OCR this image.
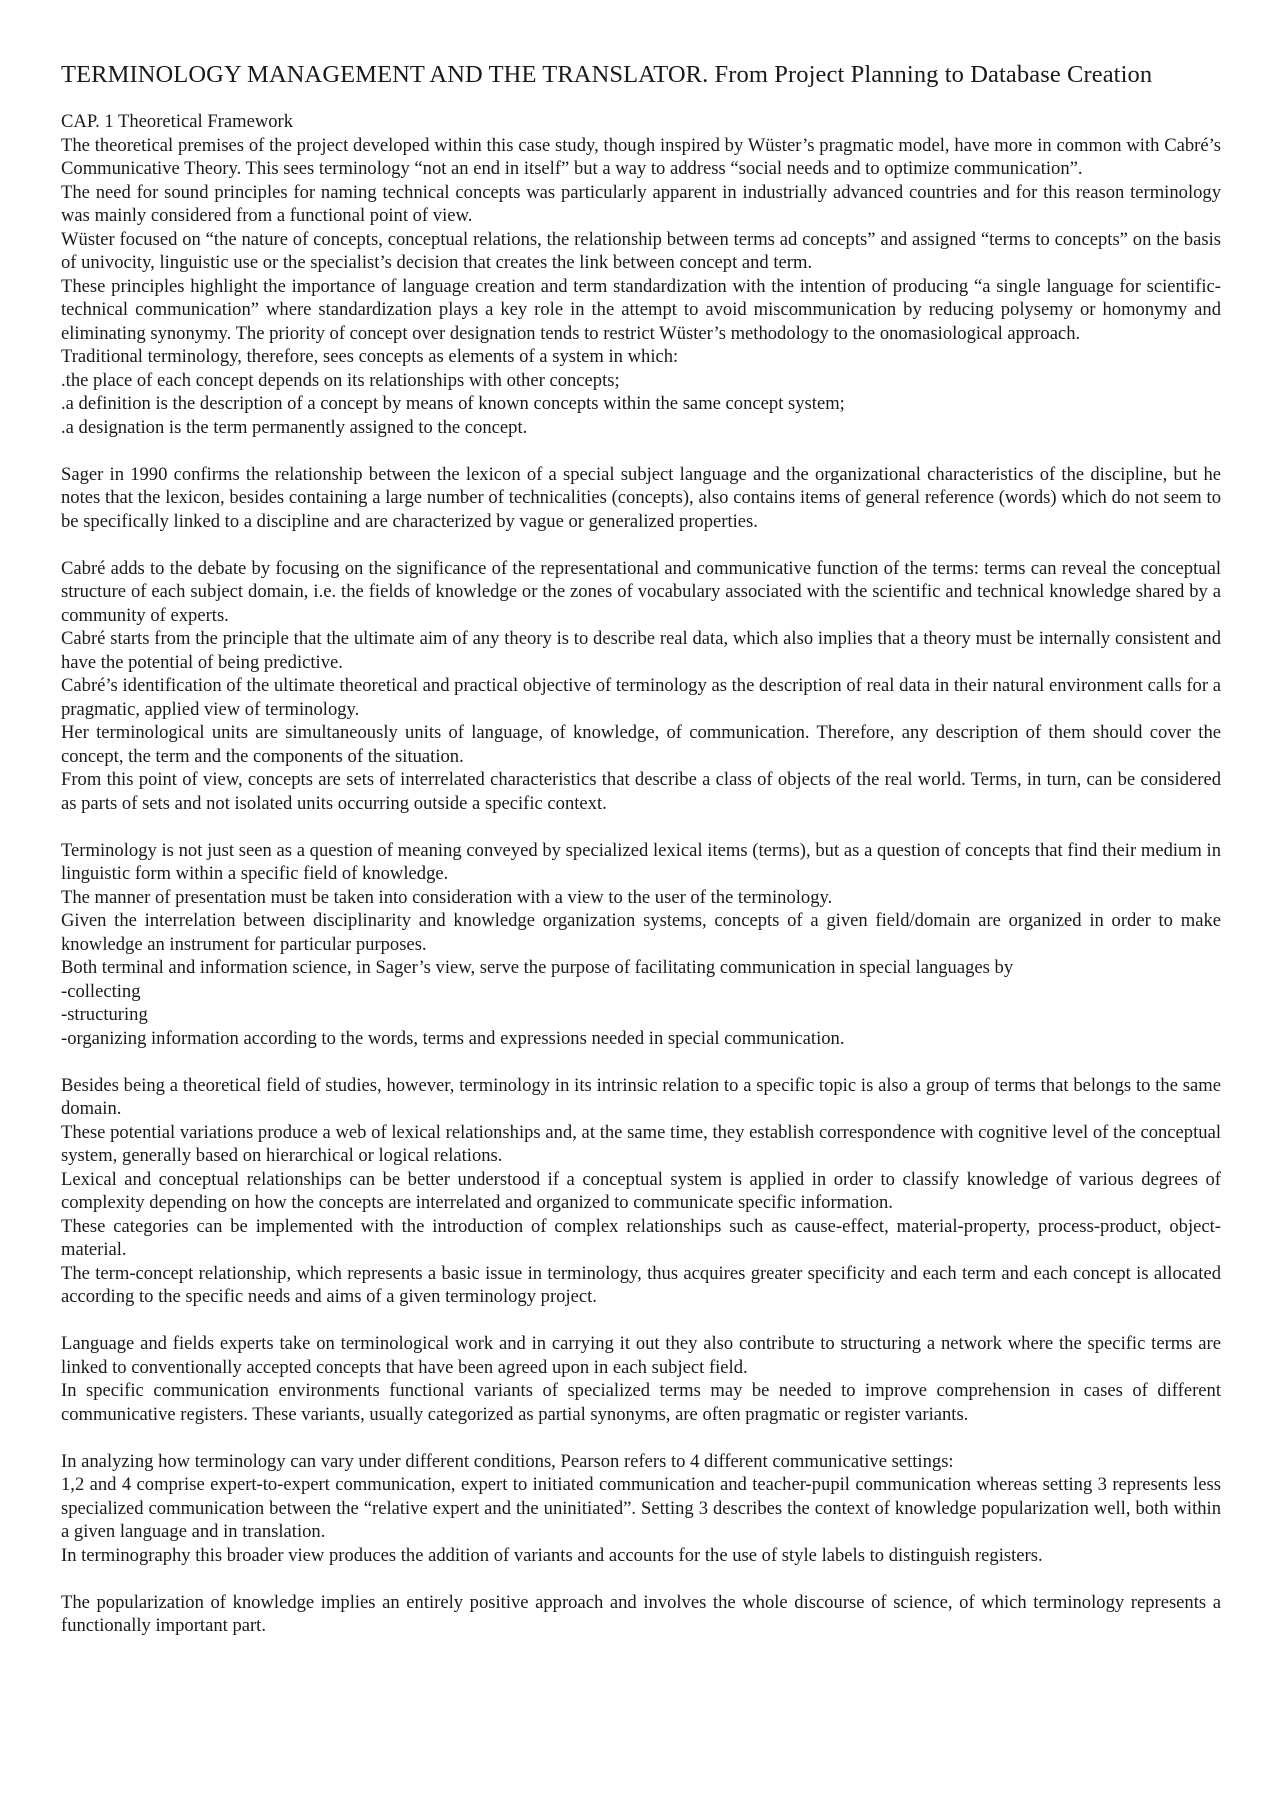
TERMINOLOGY MANAGEMENT AND THE TRANSLATOR. From Project Planning to Database Creation

CAP. 1 Theoretical Framework

The theoretical premises of the project developed within this case study, though inspired by Wüster’s pragmatic model, have more in common with Cabré’s Communicative Theory. This sees terminology “not an end in itself” but a way to address “social needs and to optimize communication”.

The need for sound principles for naming technical concepts was particularly apparent in industrially advanced countries and for this reason terminology was mainly considered from a functional point of view.

Wüster focused on “the nature of concepts, conceptual relations, the relationship between terms ad concepts” and assigned “terms to concepts” on the basis of univocity, linguistic use or the specialist’s decision that creates the link between concept and term.

These principles highlight the importance of language creation and term standardization with the intention of producing “a single language for scientific-technical communication” where standardization plays a key role in the attempt to avoid miscommunication by reducing polysemy or homonymy and eliminating synonymy. The priority of concept over designation tends to restrict Wüster’s methodology to the onomasiological approach.

Traditional terminology, therefore, sees concepts as elements of a system in which:

.the place of each concept depends on its relationships with other concepts;

.a definition is the description of a concept by means of known concepts within the same concept system;

.a designation is the term permanently assigned to the concept.

Sager in 1990 confirms the relationship between the lexicon of a special subject language and the organizational characteristics of the discipline, but he notes that the lexicon, besides containing a large number of technicalities (concepts), also contains items of general reference (words) which do not seem to be specifically linked to a discipline and are characterized by vague or generalized properties.

Cabré adds to the debate by focusing on the significance of the representational and communicative function of the terms: terms can reveal the conceptual structure of each subject domain, i.e. the fields of knowledge or the zones of vocabulary associated with the scientific and technical knowledge shared by a community of experts.

Cabré starts from the principle that the ultimate aim of any theory is to describe real data, which also implies that a theory must be internally consistent and have the potential of being predictive.

Cabré’s identification of the ultimate theoretical and practical objective of terminology as the description of real data in their natural environment calls for a pragmatic, applied view of terminology.

Her terminological units are simultaneously units of language, of knowledge, of communication. Therefore, any description of them should cover the concept, the term and the components of the situation.

From this point of view, concepts are sets of interrelated characteristics that describe a class of objects of the real world. Terms, in turn, can be considered as parts of sets and not isolated units occurring outside a specific context.

Terminology is not just seen as a question of meaning conveyed by specialized lexical items (terms), but as a question of concepts that find their medium in linguistic form within a specific field of knowledge.

The manner of presentation must be taken into consideration with a view to the user of the terminology.

Given the interrelation between disciplinarity and knowledge organization systems, concepts of a given field/domain are organized in order to make knowledge an instrument for particular purposes.

Both terminal and information science, in Sager’s view, serve the purpose of facilitating communication in special languages by

-collecting

-structuring

-organizing information according to the words, terms and expressions needed in special communication.

Besides being a theoretical field of studies, however, terminology in its intrinsic relation to a specific topic is also a group of terms that belongs to the same domain.

These potential variations produce a web of lexical relationships and, at the same time, they establish correspondence with cognitive level of the conceptual system, generally based on hierarchical or logical relations.

Lexical and conceptual relationships can be better understood if a conceptual system is applied in order to classify knowledge of various degrees of complexity depending on how the concepts are interrelated and organized to communicate specific information.

These categories can be implemented with the introduction of complex relationships such as cause-effect, material-property, process-product, object-material.

The term-concept relationship, which represents a basic issue in terminology, thus acquires greater specificity and each term and each concept is allocated according to the specific needs and aims of a given terminology project.

Language and fields experts take on terminological work and in carrying it out they also contribute to structuring a network where the specific terms are linked to conventionally accepted concepts that have been agreed upon in each subject field.

In specific communication environments functional variants of specialized terms may be needed to improve comprehension in cases of different communicative registers. These variants, usually categorized as partial synonyms, are often pragmatic or register variants.

In analyzing how terminology can vary under different conditions, Pearson refers to 4 different communicative settings:

1,2 and 4 comprise expert-to-expert communication, expert to initiated communication and teacher-pupil communication whereas setting 3 represents less specialized communication between the “relative expert and the uninitiated”. Setting 3 describes the context of knowledge popularization well, both within a given language and in translation.

In terminography this broader view produces the addition of variants and accounts for the use of style labels to distinguish registers.

The popularization of knowledge implies an entirely positive approach and involves the whole discourse of science, of which terminology represents a functionally important part.
